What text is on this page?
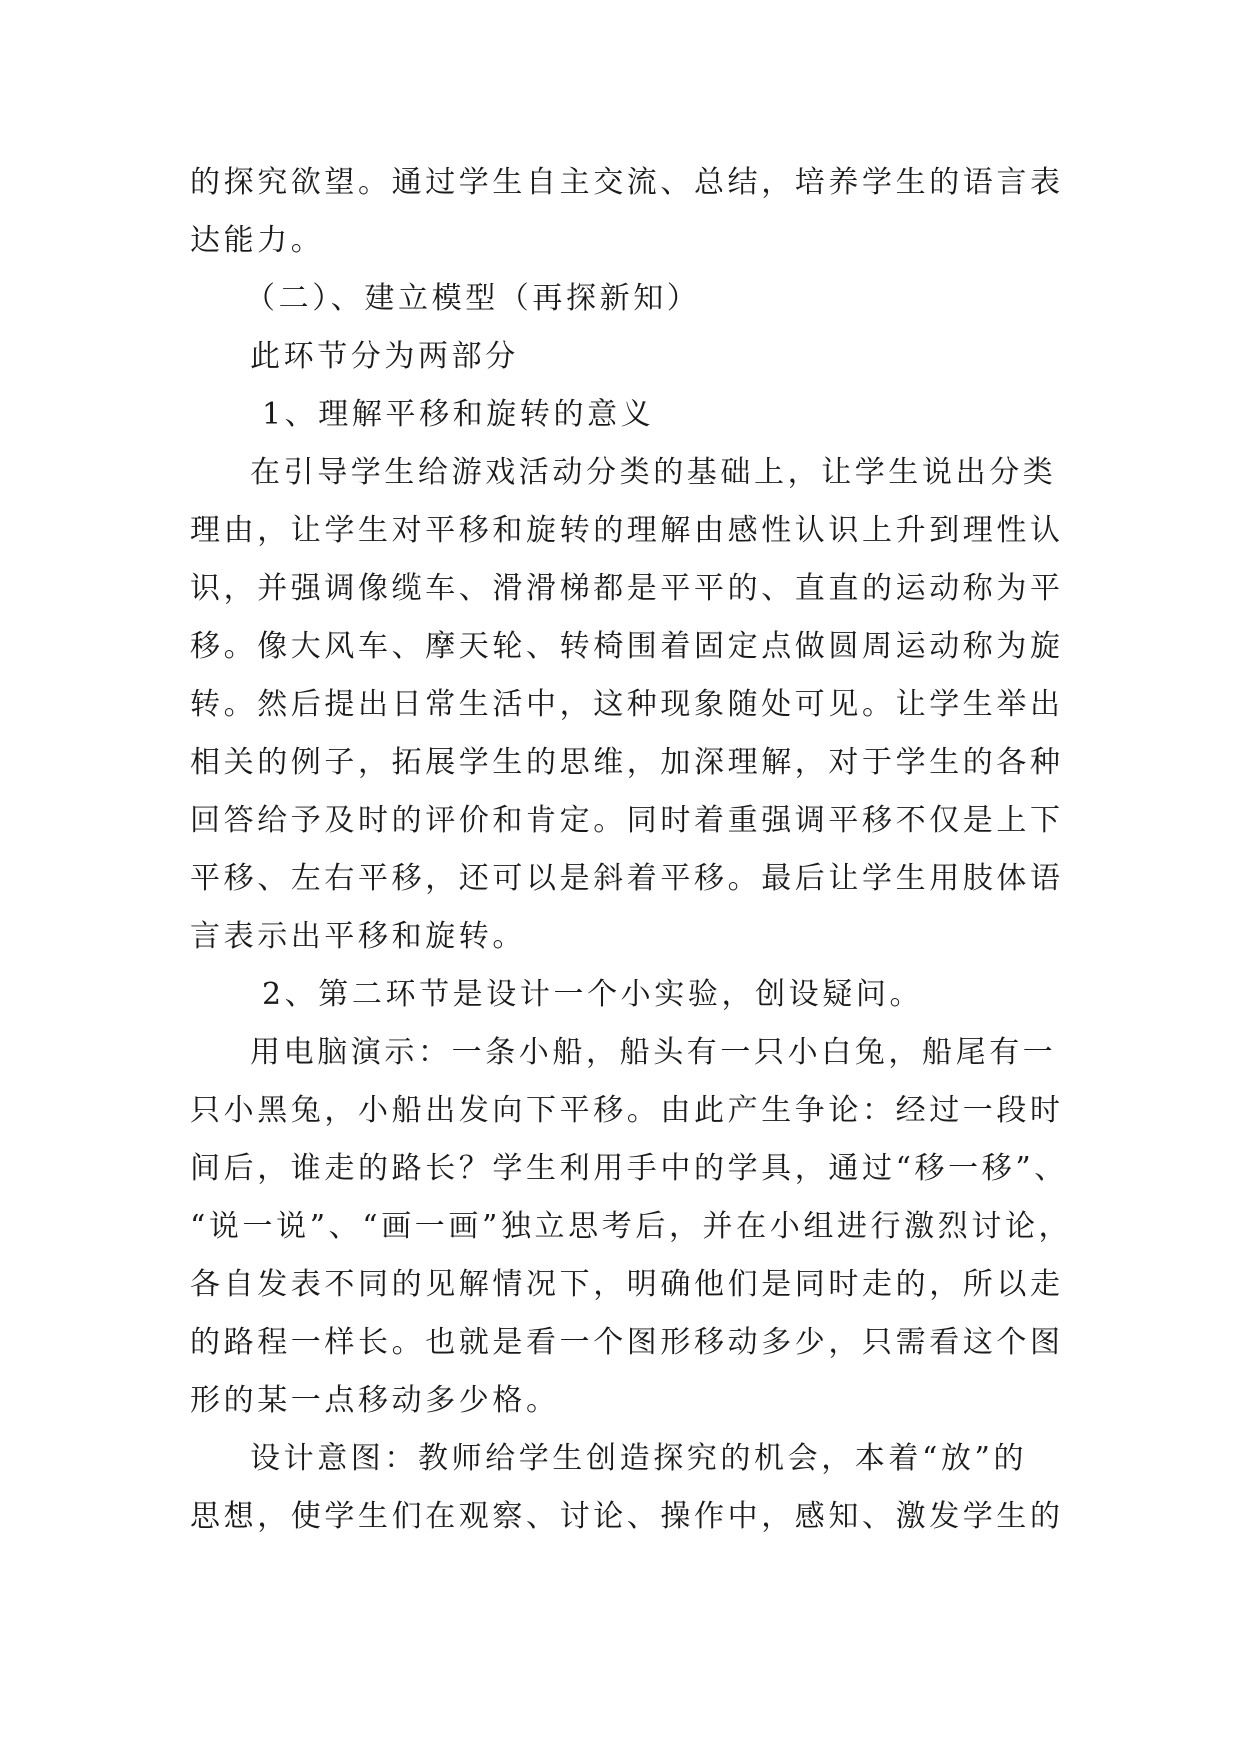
的探究欲望。通过学生自主交流、总结，培养学生的语言表
达能力。
（二）、建立模型（再探新知）
此环节分为两部分
1、理解平移和旋转的意义
在引导学生给游戏活动分类的基础上，让学生说出分类
理由，让学生对平移和旋转的理解由感性认识上升到理性认
识，并强调像缆车、滑滑梯都是平平的、直直的运动称为平
移。像大风车、摩天轮、转椅围着固定点做圆周运动称为旋
转。然后提出日常生活中，这种现象随处可见。让学生举出
相关的例子，拓展学生的思维，加深理解，对于学生的各种
回答给予及时的评价和肯定。同时着重强调平移不仅是上下
平移、左右平移，还可以是斜着平移。最后让学生用肢体语
言表示出平移和旋转。
2、第二环节是设计一个小实验，创设疑问。
用电脑演示：一条小船，船头有一只小白兔，船尾有一
只小黑兔，小船出发向下平移。由此产生争论：经过一段时
间后，谁走的路长？学生利用手中的学具，通过“移一移”、
“说一说”、“画一画”独立思考后，并在小组进行激烈讨论，
各自发表不同的见解情况下，明确他们是同时走的，所以走
的路程一样长。也就是看一个图形移动多少，只需看这个图
形的某一点移动多少格。
设计意图：教师给学生创造探究的机会，本着“放”的
思想，使学生们在观察、讨论、操作中，感知、激发学生的
